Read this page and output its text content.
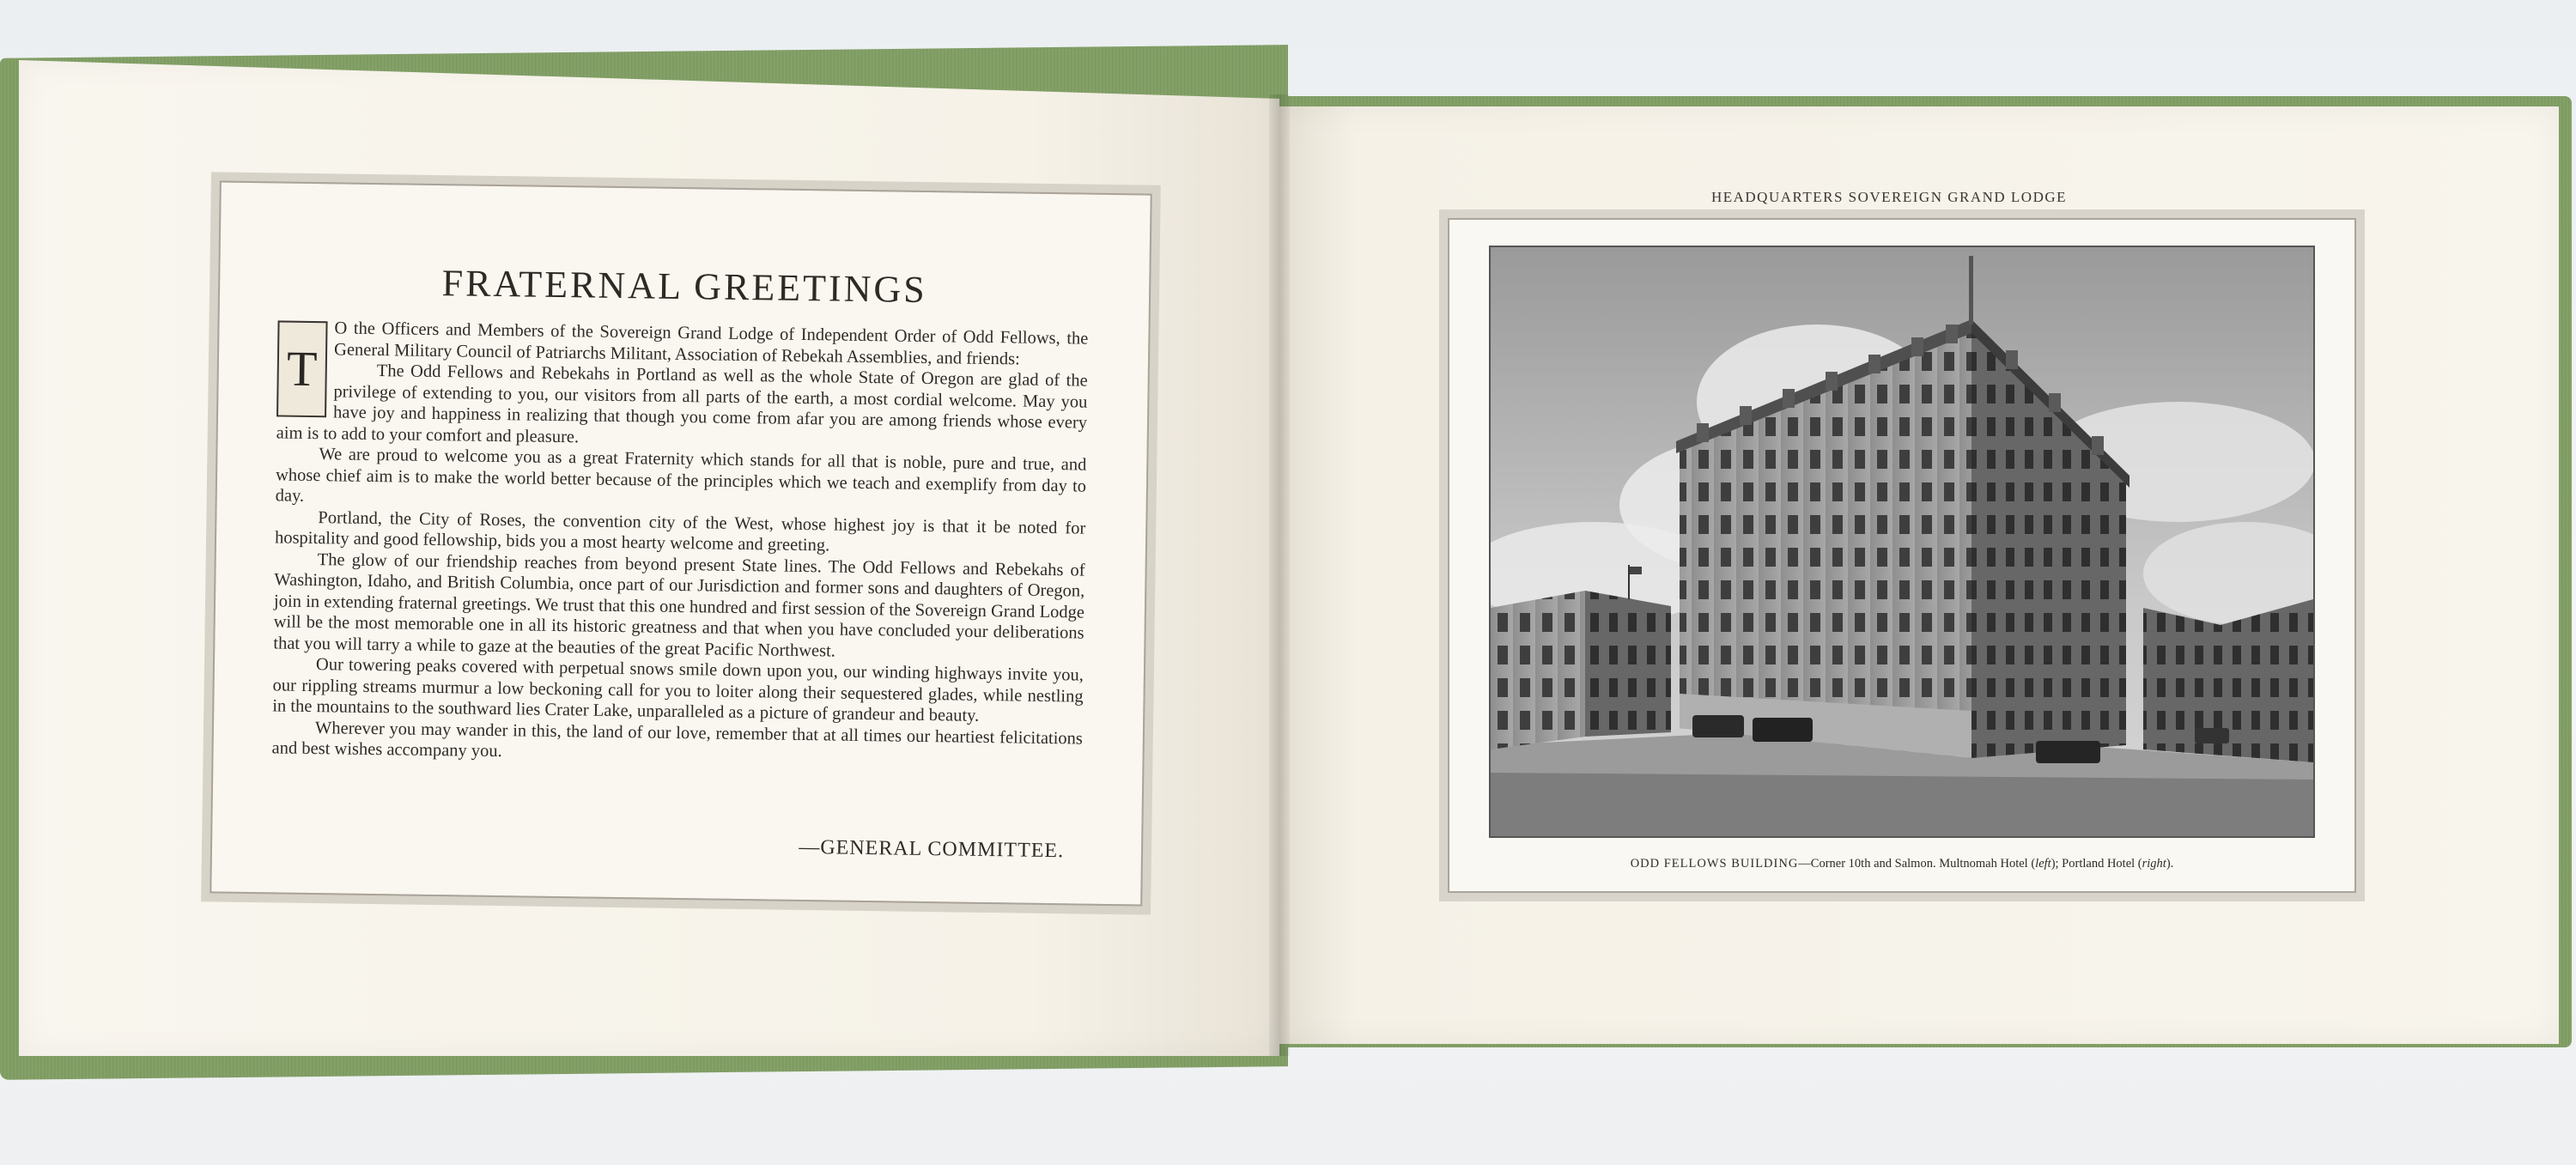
FRATERNAL GREETINGS

T
O the Officers and Members of the Sovereign Grand Lodge of Independent Order of Odd Fellows, the General Military Council of Patriarchs Militant, Association of Rebekah Assemblies, and friends:

The Odd Fellows and Rebekahs in Portland as well as the whole State of Oregon are glad of the privilege of extending to you, our visitors from all parts of the earth, a most cordial welcome. May you have joy and happiness in realizing that though you come from afar you are among friends whose every aim is to add to your comfort and pleasure.

We are proud to welcome you as a great Fraternity which stands for all that is noble, pure and true, and whose chief aim is to make the world better because of the principles which we teach and exemplify from day to day.

Portland, the City of Roses, the convention city of the West, whose highest joy is that it be noted for hospitality and good fellowship, bids you a most hearty welcome and greeting.

The glow of our friendship reaches from beyond present State lines. The Odd Fellows and Rebekahs of Washington, Idaho, and British Columbia, once part of our Jurisdiction and former sons and daughters of Oregon, join in extending fraternal greetings. We trust that this one hundred and first session of the Sovereign Grand Lodge will be the most memorable one in all its historic greatness and that when you have concluded your deliberations that you will tarry a while to gaze at the beauties of the great Pacific Northwest.

Our towering peaks covered with perpetual snows smile down upon you, our winding highways invite you, our rippling streams murmur a low beckoning call for you to loiter along their sequestered glades, while nestling in the mountains to the southward lies Crater Lake, unparalleled as a picture of grandeur and beauty.

Wherever you may wander in this, the land of our love, remember that at all times our heartiest felicitations and best wishes accompany you.

—GENERAL COMMITTEE.
HEADQUARTERS SOVEREIGN GRAND LODGE
ODD FELLOWS BUILDING—Corner 10th and Salmon. Multnomah Hotel (left); Portland Hotel (right).
